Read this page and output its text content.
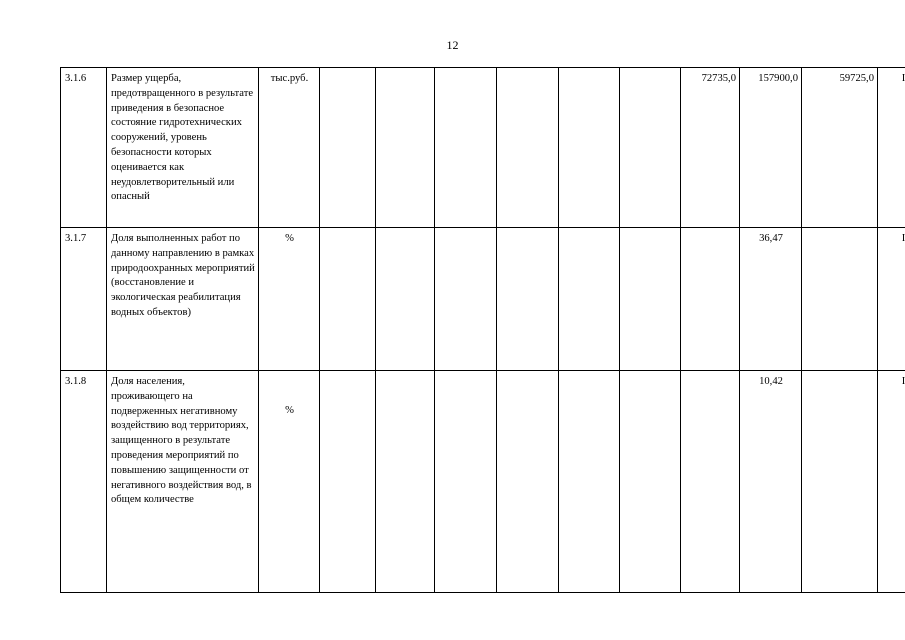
12
3.1.6	Размер ущерба, предотвращенного в результате приведения в безопасное состояние гидротехнических сооружений, уровень безопасности которых оценивается как неудовлетворительный или опасный	тыс.руб.							72735,0	157900,0	59725,0	I
3.1.7	Доля выполненных работ по данному направлению в рамках природоохранных мероприятий (восстановление и экологическая реабилитация водных объектов)	%								36,47		I
3.1.8	Доля населения, проживающего на подверженных негативному воздействию вод территориях, защищенного в результате проведения мероприятий по повышению защищенности от негативного воздействия вод, в общем количестве	%								10,42		I
